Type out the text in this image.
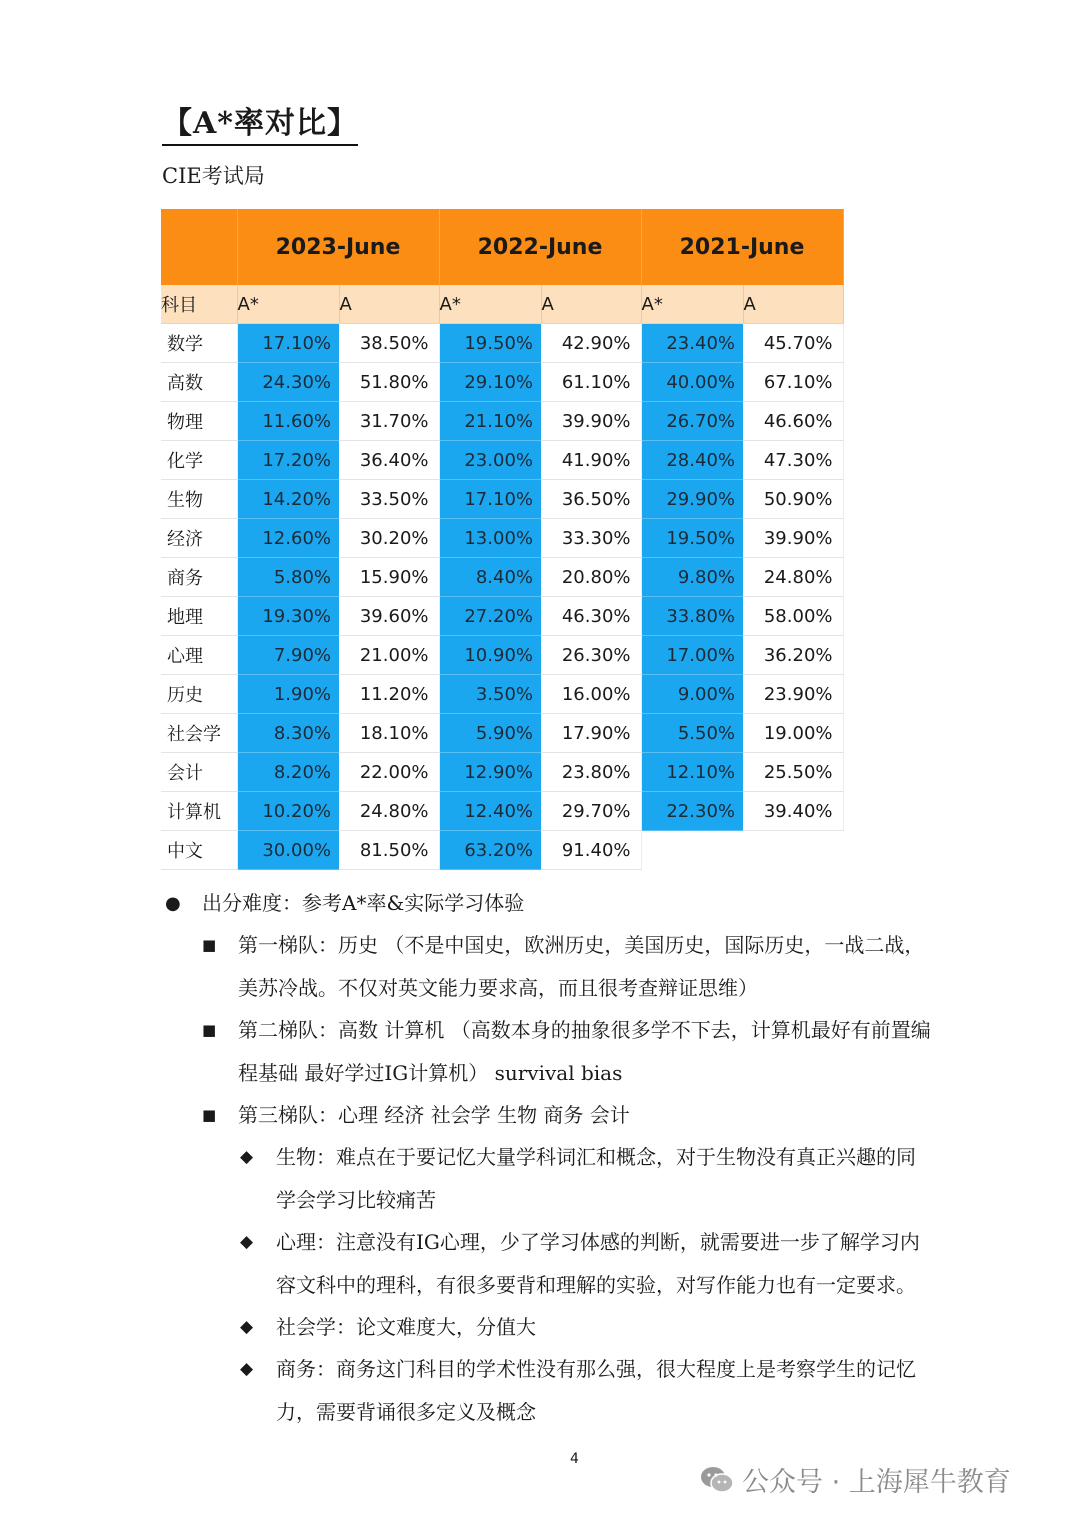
【A*率对比】
CIE考试局
	2023-June		2022-June		2021-June	
科目	A*	A	A*	A	A*	A
数学	17.10%	38.50%	19.50%	42.90%	23.40%	45.70%
高数	24.30%	51.80%	29.10%	61.10%	40.00%	67.10%
物理	11.60%	31.70%	21.10%	39.90%	26.70%	46.60%
化学	17.20%	36.40%	23.00%	41.90%	28.40%	47.30%
生物	14.20%	33.50%	17.10%	36.50%	29.90%	50.90%
经济	12.60%	30.20%	13.00%	33.30%	19.50%	39.90%
商务	5.80%	15.90%	8.40%	20.80%	9.80%	24.80%
地理	19.30%	39.60%	27.20%	46.30%	33.80%	58.00%
心理	7.90%	21.00%	10.90%	26.30%	17.00%	36.20%
历史	1.90%	11.20%	3.50%	16.00%	9.00%	23.90%
社会学	8.30%	18.10%	5.90%	17.90%	5.50%	19.00%
会计	8.20%	22.00%	12.90%	23.80%	12.10%	25.50%
计算机	10.20%	24.80%	12.40%	29.70%	22.30%	39.40%
中文	30.00%	81.50%	63.20%	91.40%		
● 出分难度：参考A*率&实际学习体验
■ 第一梯队：历史 （不是中国史，欧洲历史，美国历史，国际历史，一战二战，
美苏冷战。不仅对英文能力要求高，而且很考查辩证思维）
■ 第二梯队：高数 计算机 （高数本身的抽象很多学不下去，计算机最好有前置编
程基础 最好学过IG计算机） survival bias
■ 第三梯队：心理 经济 社会学 生物 商务 会计
◆ 生物：难点在于要记忆大量学科词汇和概念，对于生物没有真正兴趣的同
学会学习比较痛苦
◆ 心理：注意没有IG心理，少了学习体感的判断，就需要进一步了解学习内
容文科中的理科，有很多要背和理解的实验，对写作能力也有一定要求。
◆ 社会学：论文难度大，分值大
◆ 商务：商务这门科目的学术性没有那么强，很大程度上是考察学生的记忆
力，需要背诵很多定义及概念
4
公众号 · 上海犀牛教育
